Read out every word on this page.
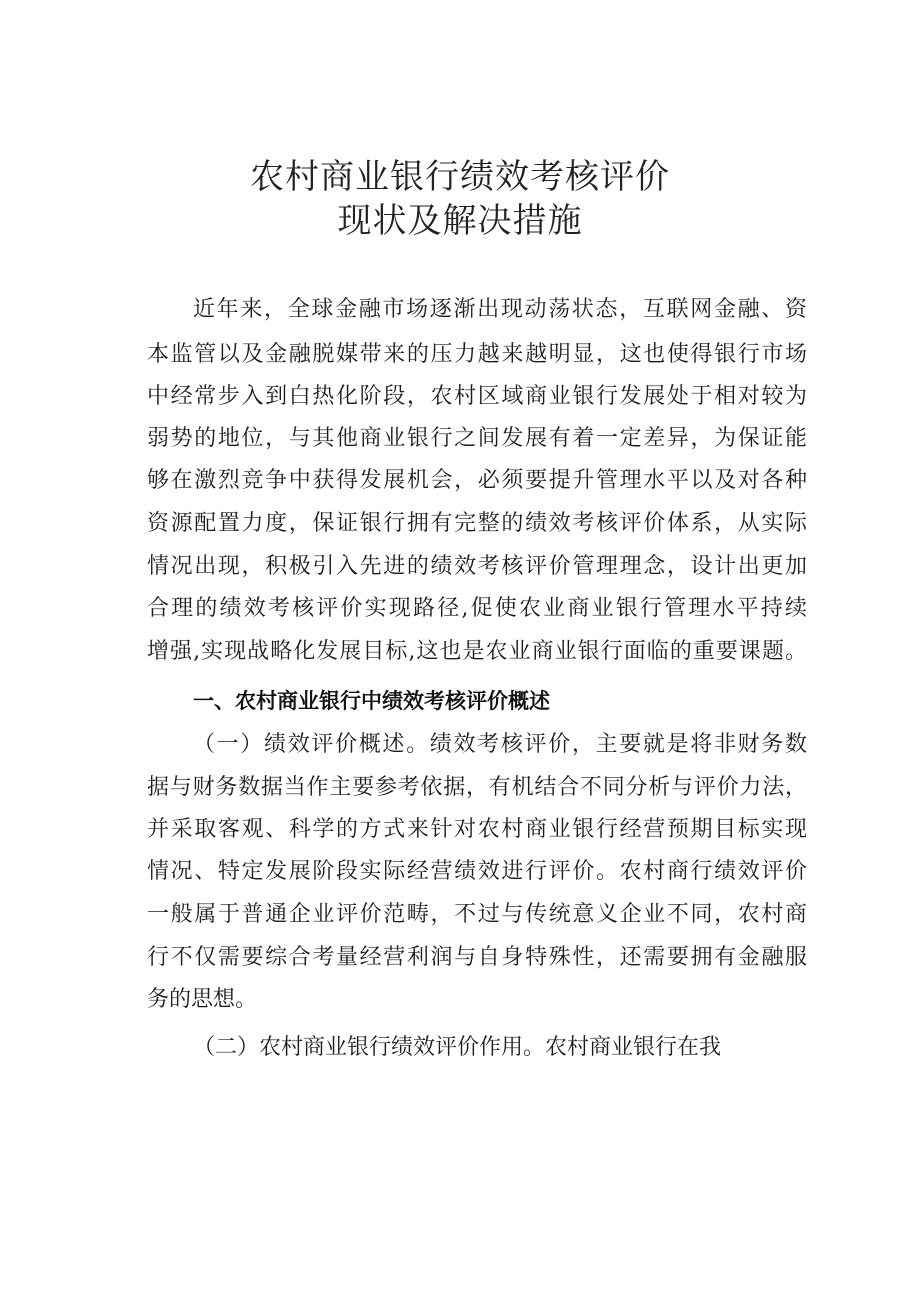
农村商业银行绩效考核评价
现状及解决措施
近年来，全球金融市场逐渐出现动荡状态，互联网金融、资
本监管以及金融脱媒带来的压力越来越明显，这也使得银行市场
中经常步入到白热化阶段，农村区域商业银行发展处于相对较为
弱势的地位，与其他商业银行之间发展有着一定差异，为保证能
够在激烈竞争中获得发展机会，必须要提升管理水平以及对各种
资源配置力度，保证银行拥有完整的绩效考核评价体系，从实际
情况出现，积极引入先进的绩效考核评价管理理念，设计出更加
合理的绩效考核评价实现路径,促使农业商业银行管理水平持续
增强,实现战略化发展目标,这也是农业商业银行面临的重要课题。
一、农村商业银行中绩效考核评价概述
（一）绩效评价概述。绩效考核评价，主要就是将非财务数
据与财务数据当作主要参考依据，有机结合不同分析与评价力法，
并采取客观、科学的方式来针对农村商业银行经营预期目标实现
情况、特定发展阶段实际经营绩效进行评价。农村商行绩效评价
一般属于普通企业评价范畴，不过与传统意义企业不同，农村商
行不仅需要综合考量经营利润与自身特殊性，还需要拥有金融服
务的思想。
（二）农村商业银行绩效评价作用。农村商业银行在我
